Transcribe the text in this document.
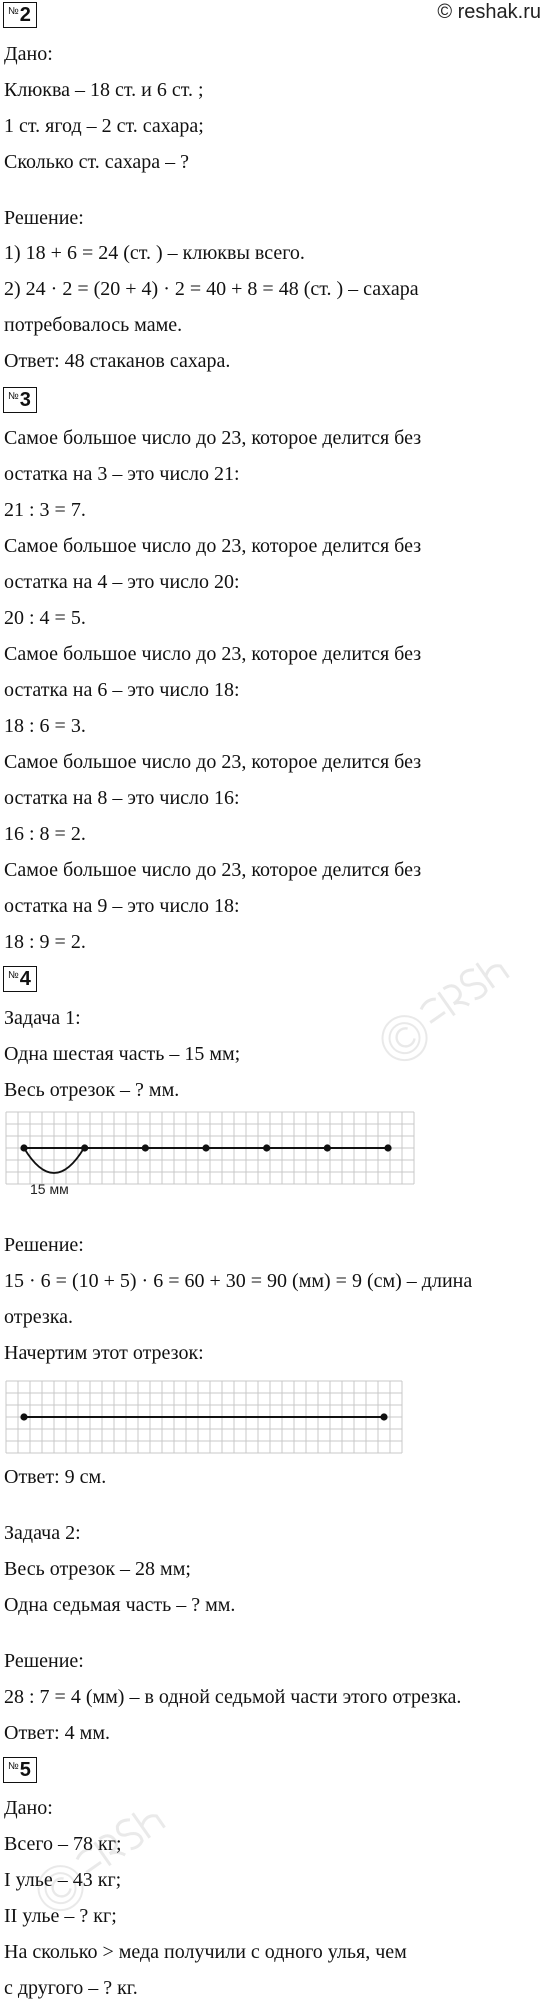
© reshak.ru
№ 2
Дано:
Клюква – 18 ст. и 6 ст. ;
1 ст. ягод – 2 ст. сахара;
Сколько ст. сахара – ?
Решение:
1) 18 + 6 = 24 (ст. ) – клюквы всего.
2) 24 · 2 = (20 + 4) · 2 = 40 + 8 = 48 (ст. ) – сахара
потребовалось маме.
Ответ: 48 стаканов сахара.
№ 3
Самое большое число до 23, которое делится без
остатка на 3 – это число 21:
21 : 3 = 7.
Самое большое число до 23, которое делится без
остатка на 4 – это число 20:
20 : 4 = 5.
Самое большое число до 23, которое делится без
остатка на 6 – это число 18:
18 : 6 = 3.
Самое большое число до 23, которое делится без
остатка на 8 – это число 16:
16 : 8 = 2.
Самое большое число до 23, которое делится без
остатка на 9 – это число 18:
18 : 9 = 2.
№ 4
Задача 1:
Одна шестая часть – 15 мм;
Весь отрезок – ? мм.
15 мм
Решение:
15 · 6 = (10 + 5) · 6 = 60 + 30 = 90 (мм) = 9 (см) – длина
отрезка.
Начертим этот отрезок:
Ответ: 9 см.
Задача 2:
Весь отрезок – 28 мм;
Одна седьмая часть – ? мм.
Решение:
28 : 7 = 4 (мм) – в одной седьмой части этого отрезка.
Ответ: 4 мм.
№ 5
Дано:
Всего – 78 кг;
I улье – 43 кг;
II улье – ? кг;
На сколько > меда получили с одного улья, чем
с другого – ? кг.
